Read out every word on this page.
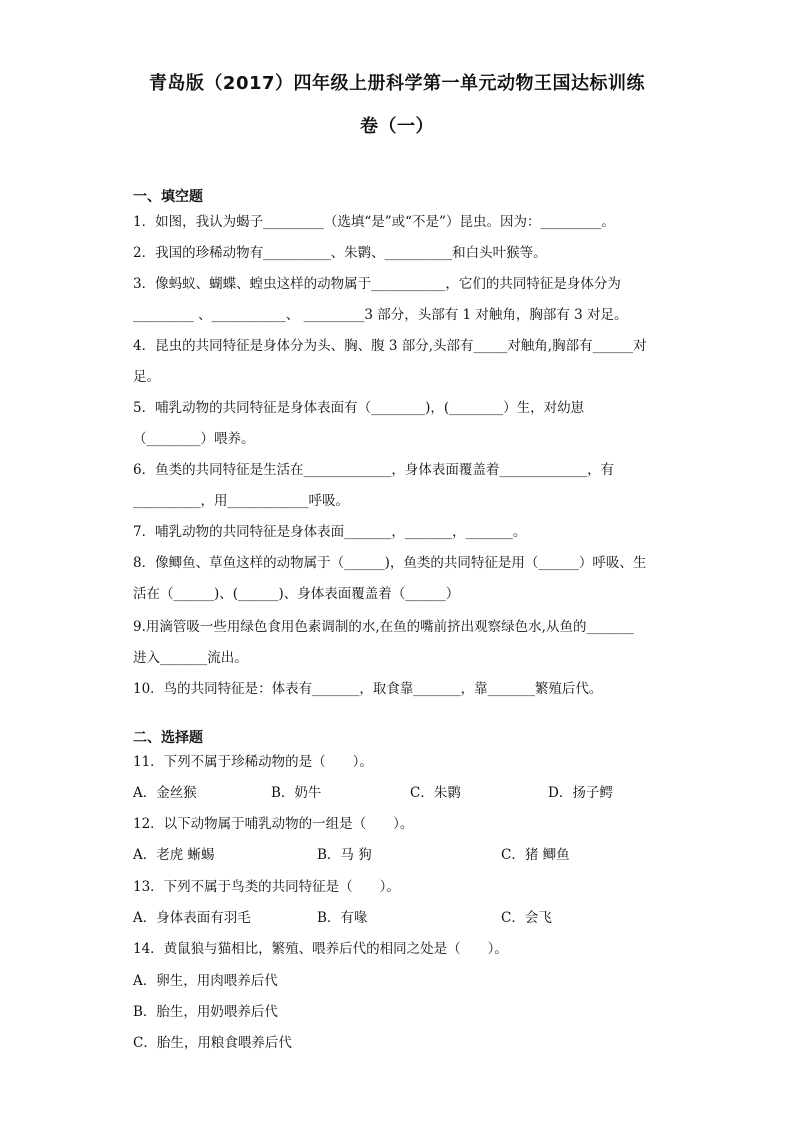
青岛版（2017）四年级上册科学第一单元动物王国达标训练
卷（一）
一、填空题
1．如图，我认为蝎子_________（选填“是”或“不是”）昆虫。因为：_________。
2．我国的珍稀动物有__________、朱鹮、__________和白头叶猴等。
3．像蚂蚁、蝴蝶、蝗虫这样的动物属于___________，它们的共同特征是身体分为
_________ 、___________、 _________3 部分，头部有 1 对触角，胸部有 3 对足。
4．昆虫的共同特征是身体分为头、胸、腹 3 部分,头部有_____对触角,胸部有______对
足。
5．哺乳动物的共同特征是身体表面有（________)，(________）生，对幼崽
（________）喂养。
6．鱼类的共同特征是生活在_____________，身体表面覆盖着_____________，有
__________，用____________呼吸。
7．哺乳动物的共同特征是身体表面_______，_______，_______。
8．像鲫鱼、草鱼这样的动物属于（______)，鱼类的共同特征是用（______）呼吸、生
活在（______)、(______)、身体表面覆盖着（______）
9.用滴管吸一些用绿色食用色素调制的水,在鱼的嘴前挤出观察绿色水,从鱼的_______
进入_______流出。
10．鸟的共同特征是：体表有_______，取食靠_______，靠_______繁殖后代。
二、选择题
11．下列不属于珍稀动物的是（　　）。
A．金丝猴	B．奶牛	C．朱鹮	D．扬子鳄
12．以下动物属于哺乳动物的一组是（　　）。
A．老虎 蜥蜴	B．马 狗	C．猪 鲫鱼
13．下列不属于鸟类的共同特征是（　　）。
A．身体表面有羽毛	B．有喙	C．会飞
14．黄鼠狼与猫相比，繁殖、喂养后代的相同之处是（　　）。
A．卵生，用肉喂养后代
B．胎生，用奶喂养后代
C．胎生，用粮食喂养后代
